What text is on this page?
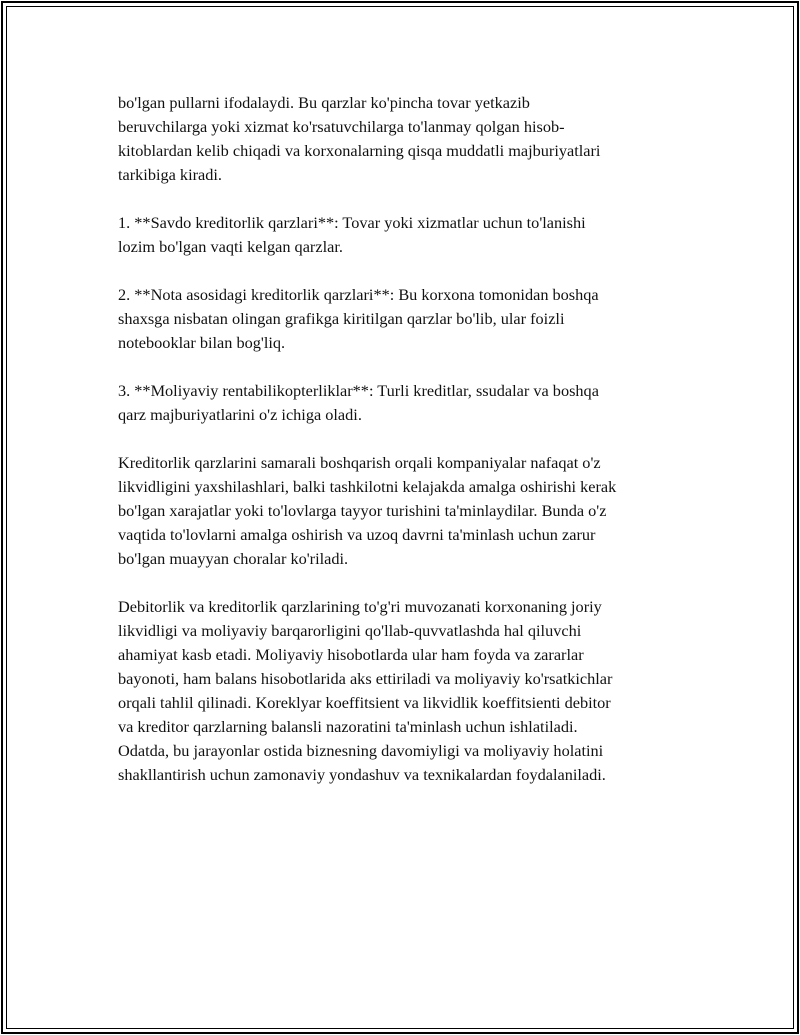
bo'lgan pullarni ifodalaydi. Bu qarzlar ko'pincha tovar yetkazib
beruvchilarga yoki xizmat ko'rsatuvchilarga to'lanmay qolgan hisob-
kitoblardan kelib chiqadi va korxonalarning qisqa muddatli majburiyatlari
tarkibiga kiradi.

1. **Savdo kreditorlik qarzlari**: Tovar yoki xizmatlar uchun to'lanishi
lozim bo'lgan vaqti kelgan qarzlar.

2. **Nota asosidagi kreditorlik qarzlari**: Bu korxona tomonidan boshqa
shaxsga nisbatan olingan grafikga kiritilgan qarzlar bo'lib, ular foizli
notebooklar bilan bog'liq.

3. **Moliyaviy rentabilikopterliklar**: Turli kreditlar, ssudalar va boshqa
qarz majburiyatlarini o'z ichiga oladi.

Kreditorlik qarzlarini samarali boshqarish orqali kompaniyalar nafaqat o'z
likvidligini yaxshilashlari, balki tashkilotni kelajakda amalga oshirishi kerak
bo'lgan xarajatlar yoki to'lovlarga tayyor turishini ta'minlaydilar. Bunda o'z
vaqtida to'lovlarni amalga oshirish va uzoq davrni ta'minlash uchun zarur
bo'lgan muayyan choralar ko'riladi.

Debitorlik va kreditorlik qarzlarining to'g'ri muvozanati korxonaning joriy
likvidligi va moliyaviy barqarorligini qo'llab-quvvatlashda hal qiluvchi
ahamiyat kasb etadi. Moliyaviy hisobotlarda ular ham foyda va zararlar
bayonoti, ham balans hisobotlarida aks ettiriladi va moliyaviy ko'rsatkichlar
orqali tahlil qilinadi. Koreklyar koeffitsient va likvidlik koeffitsienti debitor
va kreditor qarzlarning balansli nazoratini ta'minlash uchun ishlatiladi.
Odatda, bu jarayonlar ostida biznesning davomiyligi va moliyaviy holatini
shakllantirish uchun zamonaviy yondashuv va texnikalardan foydalaniladi.
